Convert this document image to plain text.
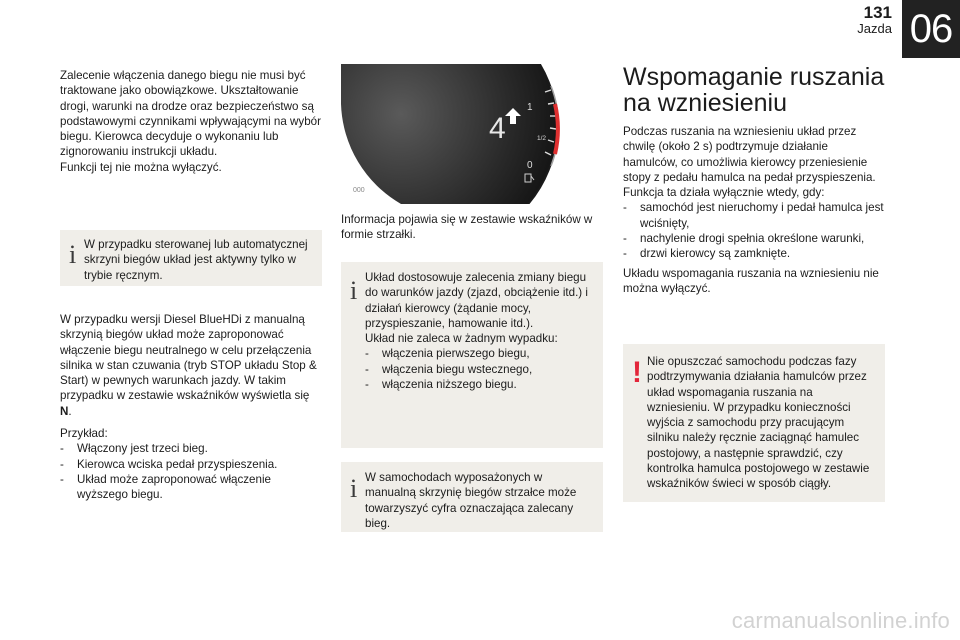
131
Jazda 06

Zalecenie włączenia danego biegu nie musi być traktowane jako obowiązkowe. Ukształtowanie drogi, warunki na drodze oraz bezpieczeństwo są podstawowymi czynnikami wpływającymi na wybór biegu. Kierowca decyduje o wykonaniu lub zignorowaniu instrukcji układu.

Funkcji tej nie można wyłączyć.

i W przypadku sterowanej lub automatycznej skrzyni biegów układ jest aktywny tylko w trybie ręcznym.

W przypadku wersji Diesel BlueHDi z manualną skrzynią biegów układ może zaproponować włączenie biegu neutralnego w celu przełączenia silnika w stan czuwania (tryb STOP układu Stop & Start) w pewnych warunkach jazdy. W takim przypadku w zestawie wskaźników wyświetla się N.

Przykład:

- Włączony jest trzeci bieg.
- Kierowca wciska pedał przyspieszenia.
- Układ może zaproponować włączenie wyższego biegu.
4
1
1/2
0
000

Informacja pojawia się w zestawie wskaźników w formie strzałki.

i Układ dostosowuje zalecenia zmiany biegu do warunków jazdy (zjazd, obciążenie itd.) i działań kierowcy (żądanie mocy, przyspieszanie, hamowanie itd.).

Układ nie zaleca w żadnym wypadku:

- włączenia pierwszego biegu,
- włączenia biegu wstecznego,
- włączenia niższego biegu.
i W samochodach wyposażonych w manualną skrzynię biegów strzałce może towarzyszyć cyfra oznaczająca zalecany bieg.

Wspomaganie ruszania na wzniesieniu

Podczas ruszania na wzniesieniu układ przez chwilę (około 2 s) podtrzymuje działanie hamulców, co umożliwia kierowcy przeniesienie stopy z pedału hamulca na pedał przyspieszenia.

Funkcja ta działa wyłącznie wtedy, gdy:

- samochód jest nieruchomy i pedał hamulca jest wciśnięty,
- nachylenie drogi spełnia określone warunki,
- drzwi kierowcy są zamknięte.

Układu wspomagania ruszania na wzniesieniu nie można wyłączyć.

! Nie opuszczać samochodu podczas fazy podtrzymywania działania hamulców przez układ wspomagania ruszania na wzniesieniu. W przypadku konieczności wyjścia z samochodu przy pracującym silniku należy ręcznie zaciągnąć hamulec postojowy, a następnie sprawdzić, czy kontrolka hamulca postojowego w zestawie wskaźników świeci w sposób ciągły.

carmanualsonline.info
